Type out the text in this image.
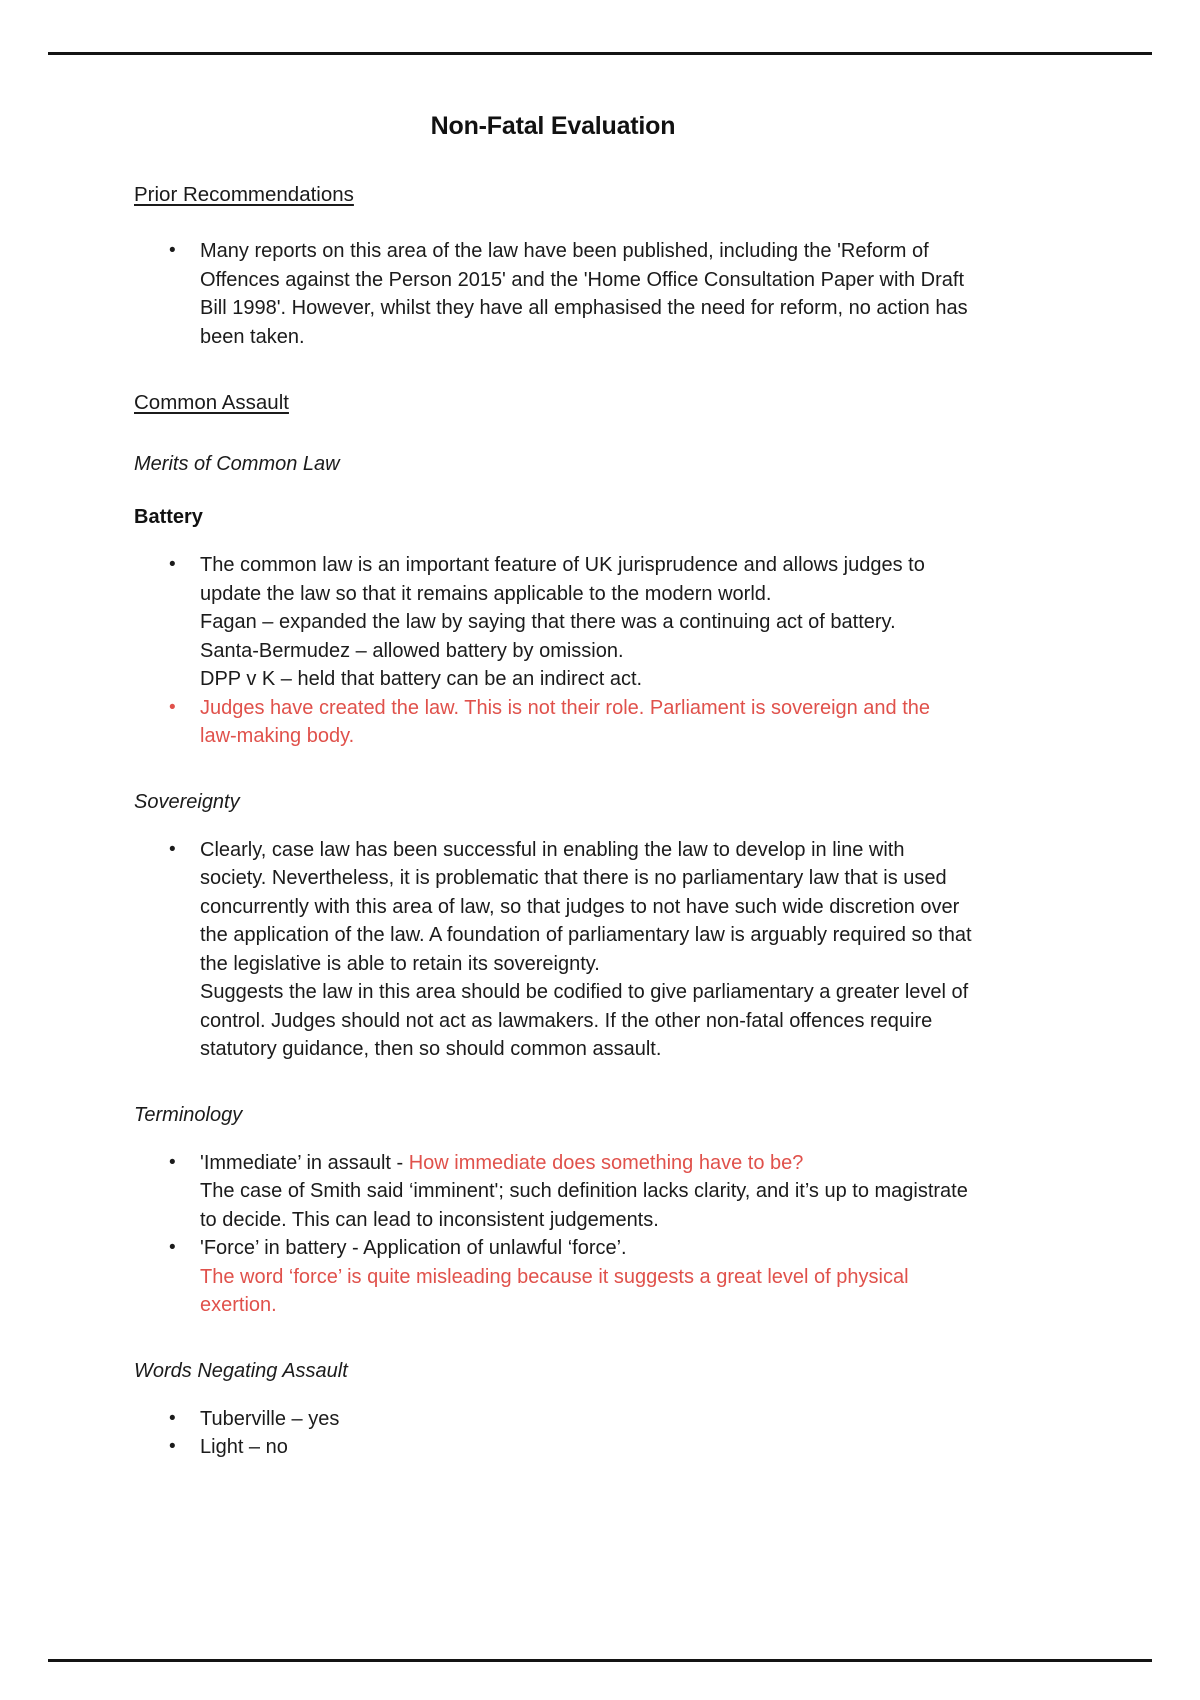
Non-Fatal Evaluation
Prior Recommendations
• Many reports on this area of the law have been published, including the 'Reform of Offences against the Person 2015' and the 'Home Office Consultation Paper with Draft Bill 1998'. However, whilst they have all emphasised the need for reform, no action has been taken.
Common Assault
Merits of Common Law
Battery
• The common law is an important feature of UK jurisprudence and allows judges to update the law so that it remains applicable to the modern world.
Fagan – expanded the law by saying that there was a continuing act of battery.
Santa-Bermudez – allowed battery by omission.
DPP v K – held that battery can be an indirect act.
• Judges have created the law. This is not their role. Parliament is sovereign and the law-making body.
Sovereignty
• Clearly, case law has been successful in enabling the law to develop in line with society. Nevertheless, it is problematic that there is no parliamentary law that is used concurrently with this area of law, so that judges to not have such wide discretion over the application of the law. A foundation of parliamentary law is arguably required so that the legislative is able to retain its sovereignty.
Suggests the law in this area should be codified to give parliamentary a greater level of control. Judges should not act as lawmakers. If the other non-fatal offences require statutory guidance, then so should common assault.
Terminology
• 'Immediate’ in assault - How immediate does something have to be?
The case of Smith said ‘imminent'; such definition lacks clarity, and it’s up to magistrate to decide. This can lead to inconsistent judgements.
• 'Force’ in battery - Application of unlawful ‘force’.
The word ‘force’ is quite misleading because it suggests a great level of physical exertion.
Words Negating Assault
• Tuberville – yes
• Light – no
